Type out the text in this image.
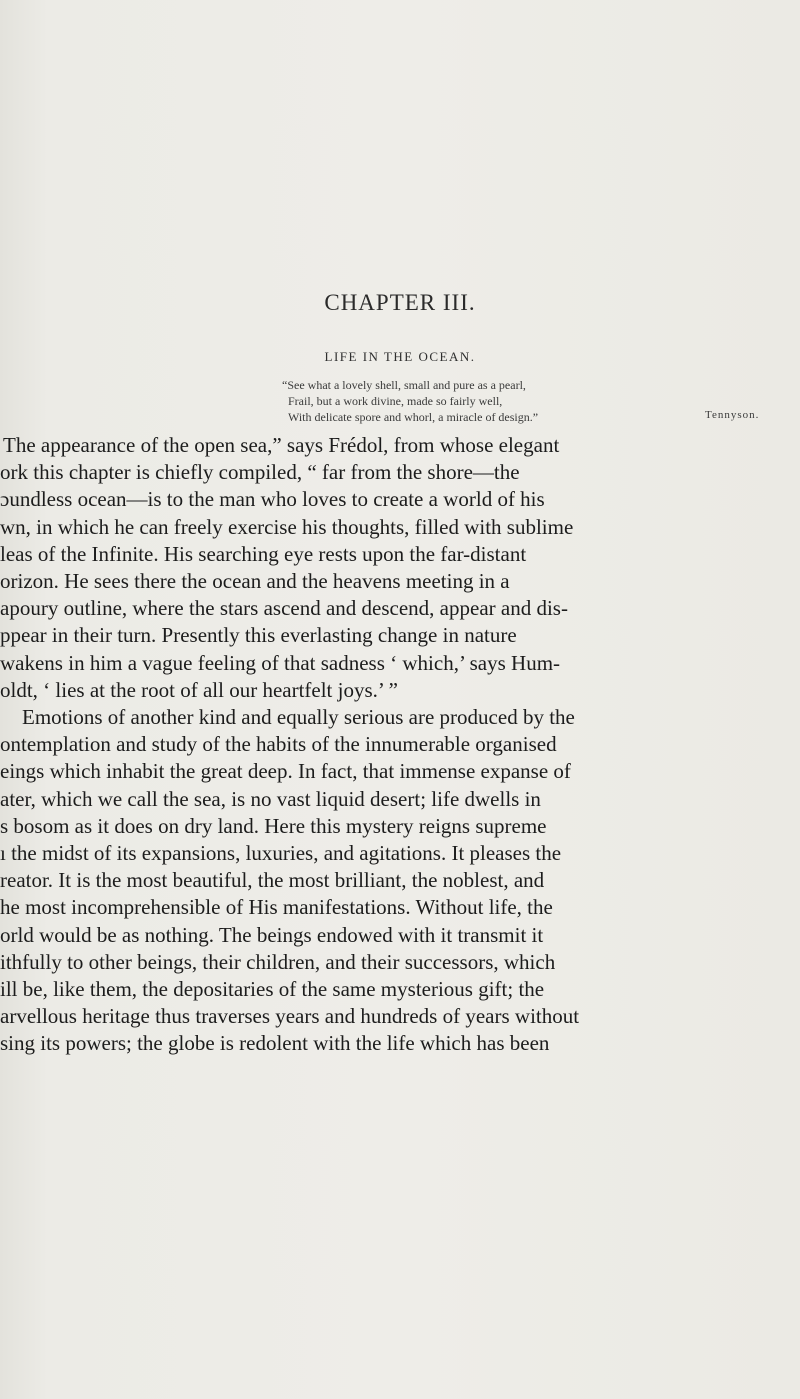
CHAPTER III.
LIFE IN THE OCEAN.
“See what a lovely shell, small and pure as a pearl,
Frail, but a work divine, made so fairly well,
With delicate spore and whorl, a miracle of design.”	Tennyson.
The appearance of the open sea,” says Frédol, from whose elegant
ork this chapter is chiefly compiled, “ far from the shore—the
ɔundless ocean—is to the man who loves to create a world of his
wn, in which he can freely exercise his thoughts, filled with sublime
leas of the Infinite. His searching eye rests upon the far-distant
orizon. He sees there the ocean and the heavens meeting in a
apoury outline, where the stars ascend and descend, appear and dis-
ppear in their turn. Presently this everlasting change in nature
wakens in him a vague feeling of that sadness ‘ which,’ says Hum-
oldt, ‘ lies at the root of all our heartfelt joys.’ ”
Emotions of another kind and equally serious are produced by the
ontemplation and study of the habits of the innumerable organised
eings which inhabit the great deep. In fact, that immense expanse of
ater, which we call the sea, is no vast liquid desert; life dwells in
s bosom as it does on dry land. Here this mystery reigns supreme
ı the midst of its expansions, luxuries, and agitations. It pleases the
reator. It is the most beautiful, the most brilliant, the noblest, and
he most incomprehensible of His manifestations. Without life, the
orld would be as nothing. The beings endowed with it transmit it
ithfully to other beings, their children, and their successors, which
ill be, like them, the depositaries of the same mysterious gift; the
arvellous heritage thus traverses years and hundreds of years without
sing its powers; the globe is redolent with the life which has been
